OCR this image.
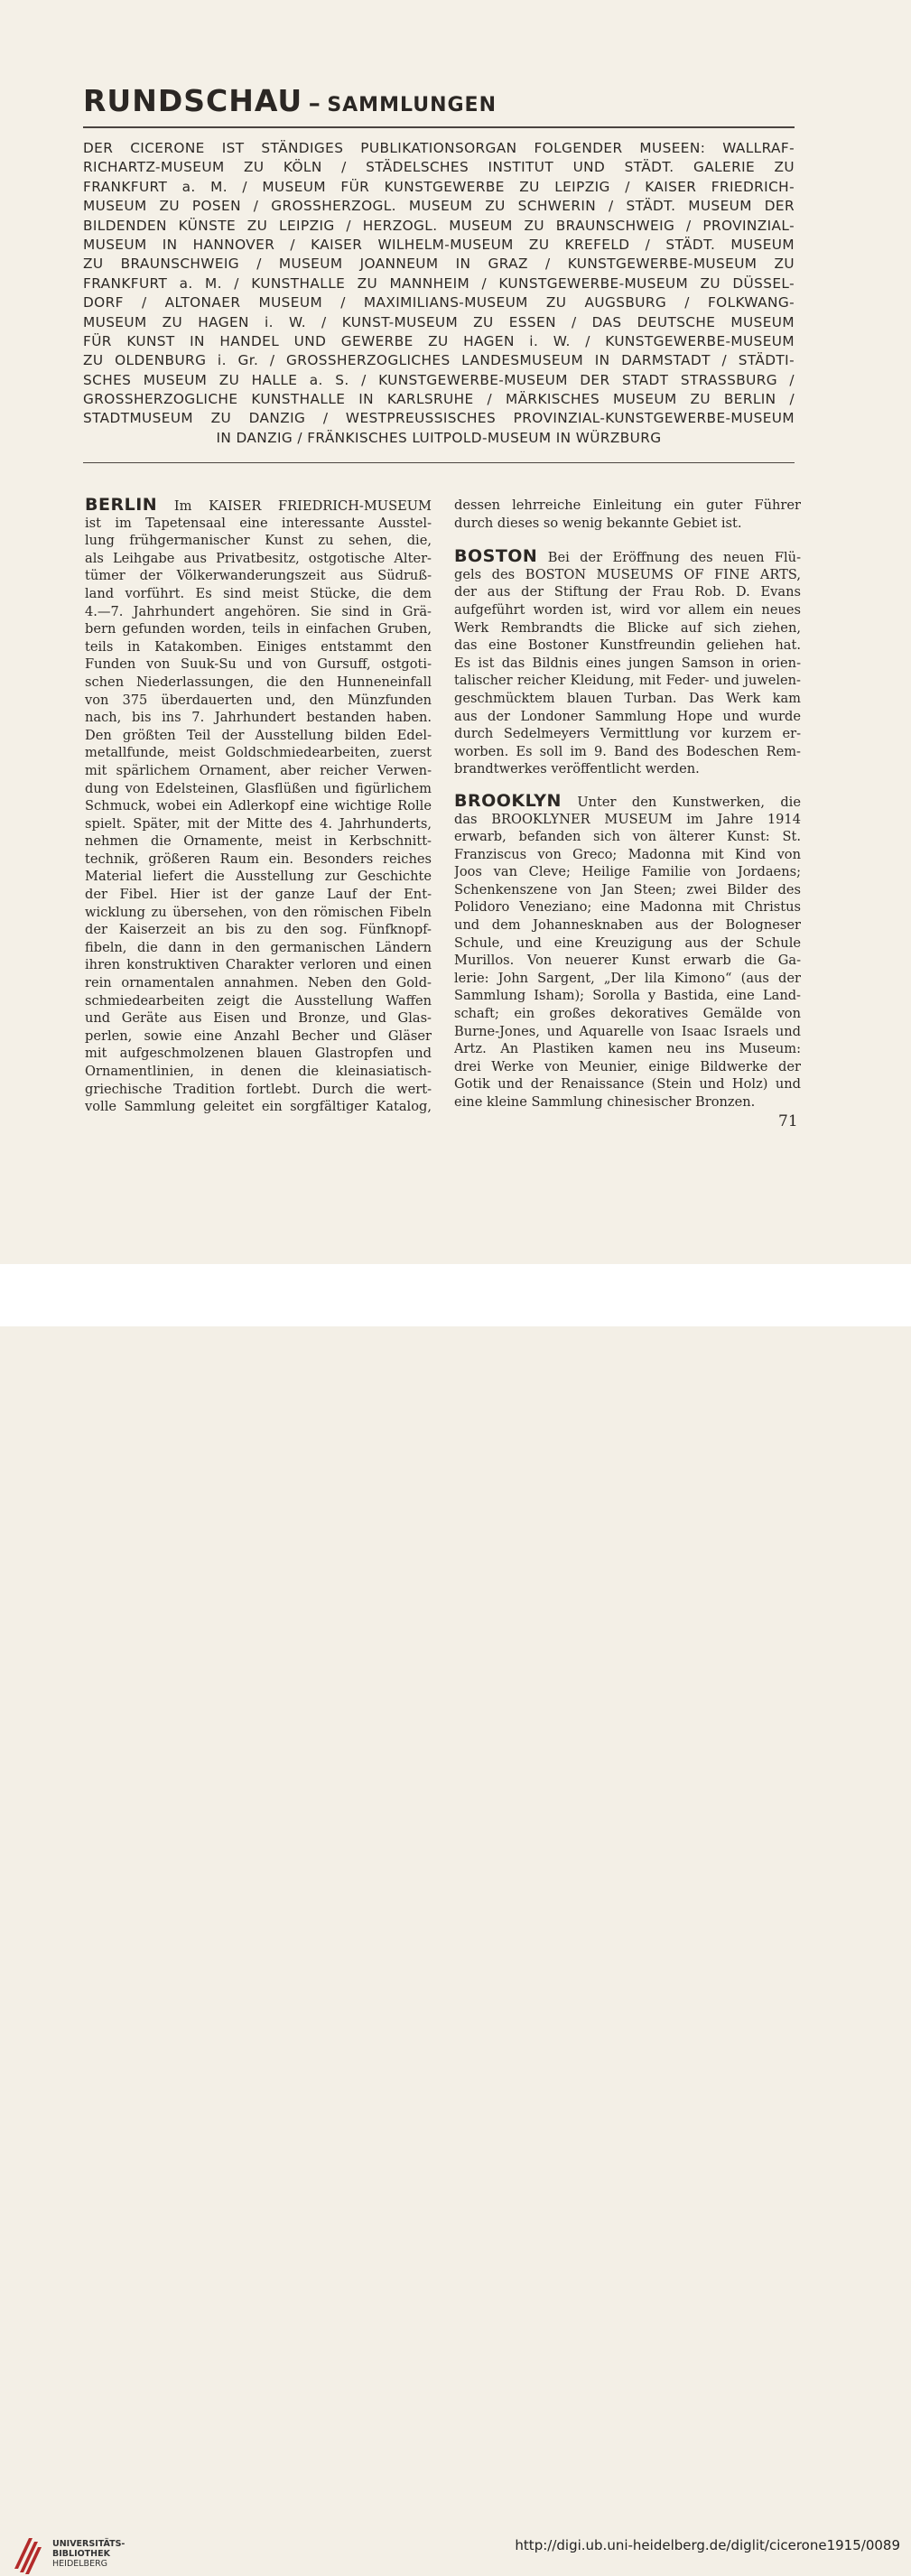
RUNDSCHAU – SAMMLUNGEN
DER CICERONE IST STÄNDIGES PUBLIKATIONSORGAN FOLGENDER MUSEEN: WALLRAF-
RICHARTZ-MUSEUM ZU KÖLN / STÄDELSCHES INSTITUT UND STÄDT. GALERIE ZU
FRANKFURT a. M. / MUSEUM FÜR KUNSTGEWERBE ZU LEIPZIG / KAISER FRIEDRICH-
MUSEUM ZU POSEN / GROSSHERZOGL. MUSEUM ZU SCHWERIN / STÄDT. MUSEUM DER
BILDENDEN KÜNSTE ZU LEIPZIG / HERZOGL. MUSEUM ZU BRAUNSCHWEIG / PROVINZIAL-
MUSEUM IN HANNOVER / KAISER WILHELM-MUSEUM ZU KREFELD / STÄDT. MUSEUM
ZU BRAUNSCHWEIG / MUSEUM JOANNEUM IN GRAZ / KUNSTGEWERBE-MUSEUM ZU
FRANKFURT a. M. / KUNSTHALLE ZU MANNHEIM / KUNSTGEWERBE-MUSEUM ZU DÜSSEL-
DORF / ALTONAER MUSEUM / MAXIMILIANS-MUSEUM ZU AUGSBURG / FOLKWANG-
MUSEUM ZU HAGEN i. W. / KUNST-MUSEUM ZU ESSEN / DAS DEUTSCHE MUSEUM
FÜR KUNST IN HANDEL UND GEWERBE ZU HAGEN i. W. / KUNSTGEWERBE-MUSEUM
ZU OLDENBURG i. Gr. / GROSSHERZOGLICHES LANDESMUSEUM IN DARMSTADT / STÄDTI-
SCHES MUSEUM ZU HALLE a. S. / KUNSTGEWERBE-MUSEUM DER STADT STRASSBURG /
GROSSHERZOGLICHE KUNSTHALLE IN KARLSRUHE / MÄRKISCHES MUSEUM ZU BERLIN /
STADTMUSEUM ZU DANZIG / WESTPREUSSISCHES PROVINZIAL-KUNSTGEWERBE-MUSEUM
IN DANZIG / FRÄNKISCHES LUITPOLD-MUSEUM IN WÜRZBURG
BERLIN Im KAISER FRIEDRICH-MUSEUM
ist im Tapetensaal eine interessante Ausstel-
lung frühgermanischer Kunst zu sehen, die,
als Leihgabe aus Privatbesitz, ostgotische Alter-
tümer der Völkerwanderungszeit aus Südruß-
land vorführt. Es sind meist Stücke, die dem
4.—7. Jahrhundert angehören. Sie sind in Grä-
bern gefunden worden, teils in einfachen Gruben,
teils in Katakomben. Einiges entstammt den
Funden von Suuk-Su und von Gursuff, ostgoti-
schen Niederlassungen, die den Hunneneinfall
von 375 überdauerten und, den Münzfunden
nach, bis ins 7. Jahrhundert bestanden haben.
Den größten Teil der Ausstellung bilden Edel-
metallfunde, meist Goldschmiedearbeiten, zuerst
mit spärlichem Ornament, aber reicher Verwen-
dung von Edelsteinen, Glasflüßen und figürlichem
Schmuck, wobei ein Adlerkopf eine wichtige Rolle
spielt. Später, mit der Mitte des 4. Jahrhunderts,
nehmen die Ornamente, meist in Kerbschnitt-
technik, größeren Raum ein. Besonders reiches
Material liefert die Ausstellung zur Geschichte
der Fibel. Hier ist der ganze Lauf der Ent-
wicklung zu übersehen, von den römischen Fibeln
der Kaiserzeit an bis zu den sog. Fünfknopf-
fibeln, die dann in den germanischen Ländern
ihren konstruktiven Charakter verloren und einen
rein ornamentalen annahmen. Neben den Gold-
schmiedearbeiten zeigt die Ausstellung Waffen
und Geräte aus Eisen und Bronze, und Glas-
perlen, sowie eine Anzahl Becher und Gläser
mit aufgeschmolzenen blauen Glastropfen und
Ornamentlinien, in denen die kleinasiatisch-
griechische Tradition fortlebt. Durch die wert-
volle Sammlung geleitet ein sorgfältiger Katalog,
dessen lehrreiche Einleitung ein guter Führer
durch dieses so wenig bekannte Gebiet ist.
BOSTON Bei der Eröffnung des neuen Flü-
gels des BOSTON MUSEUMS OF FINE ARTS,
der aus der Stiftung der Frau Rob. D. Evans
aufgeführt worden ist, wird vor allem ein neues
Werk Rembrandts die Blicke auf sich ziehen,
das eine Bostoner Kunstfreundin geliehen hat.
Es ist das Bildnis eines jungen Samson in orien-
talischer reicher Kleidung, mit Feder- und juwelen-
geschmücktem blauen Turban. Das Werk kam
aus der Londoner Sammlung Hope und wurde
durch Sedelmeyers Vermittlung vor kurzem er-
worben. Es soll im 9. Band des Bodeschen Rem-
brandtwerkes veröffentlicht werden.
BROOKLYN Unter den Kunstwerken, die
das BROOKLYNER MUSEUM im Jahre 1914
erwarb, befanden sich von älterer Kunst: St.
Franziscus von Greco; Madonna mit Kind von
Joos van Cleve; Heilige Familie von Jordaens;
Schenkenszene von Jan Steen; zwei Bilder des
Polidoro Veneziano; eine Madonna mit Christus
und dem Johannesknaben aus der Bologneser
Schule, und eine Kreuzigung aus der Schule
Murillos. Von neuerer Kunst erwarb die Ga-
lerie: John Sargent, „Der lila Kimono“ (aus der
Sammlung Isham); Sorolla y Bastida, eine Land-
schaft; ein großes dekoratives Gemälde von
Burne-Jones, und Aquarelle von Isaac Israels und
Artz. An Plastiken kamen neu ins Museum:
drei Werke von Meunier, einige Bildwerke der
Gotik und der Renaissance (Stein und Holz) und
eine kleine Sammlung chinesischer Bronzen.
71
UNIVERSITÄTS-
BIBLIOTHEK
HEIDELBERG
http://digi.ub.uni-heidelberg.de/diglit/cicerone1915/0089
